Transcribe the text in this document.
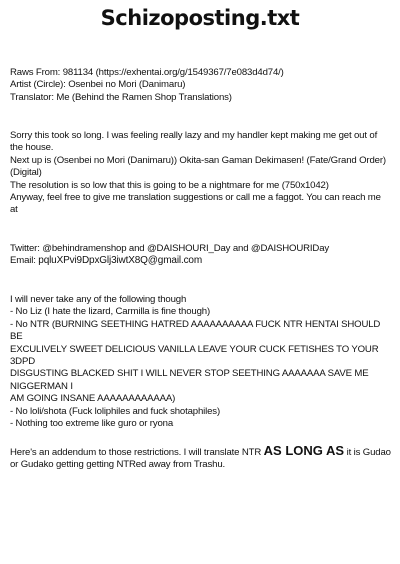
Schizoposting.txt
Raws From: 981134 (https://exhentai.org/g/1549367/7e083d4d74/)
Artist (Circle): Osenbei no Mori (Danimaru)
Translator: Me (Behind the Ramen Shop Translations)
Sorry this took so long. I was feeling really lazy and my handler kept making me get out of
the house.
Next up is (Osenbei no Mori (Danimaru)) Okita-san Gaman Dekimasen! (Fate/Grand Order)
(Digital)
The resolution is so low that this is going to be a nightmare for me (750x1042)
Anyway, feel free to give me translation suggestions or call me a faggot. You can reach me
at
Twitter: @behindramenshop and @DAISHOURI_Day and @DAISHOURIDay
Email: pqluXPvi9DpxGlj3iwtX8Q@gmail.com
I will never take any of the following though
- No Liz (I hate the lizard, Carmilla is fine though)
- No NTR (BURNING SEETHING HATRED AAAAAAAAAA FUCK NTR HENTAI SHOULD BE
EXCULIVELY SWEET DELICIOUS VANILLA LEAVE YOUR CUCK FETISHES TO YOUR 3DPD
DISGUSTING BLACKED SHIT I WILL NEVER STOP SEETHING AAAAAAA SAVE ME NIGGERMAN I
AM GOING INSANE AAAAAAAAAAAA)
- No loli/shota (Fuck loliphiles and fuck shotaphiles)
- Nothing too extreme like guro or ryona
Here's an addendum to those restrictions. I will translate NTR AS LONG AS it is Gudao
or Gudako getting getting NTRed away from Trashu.
